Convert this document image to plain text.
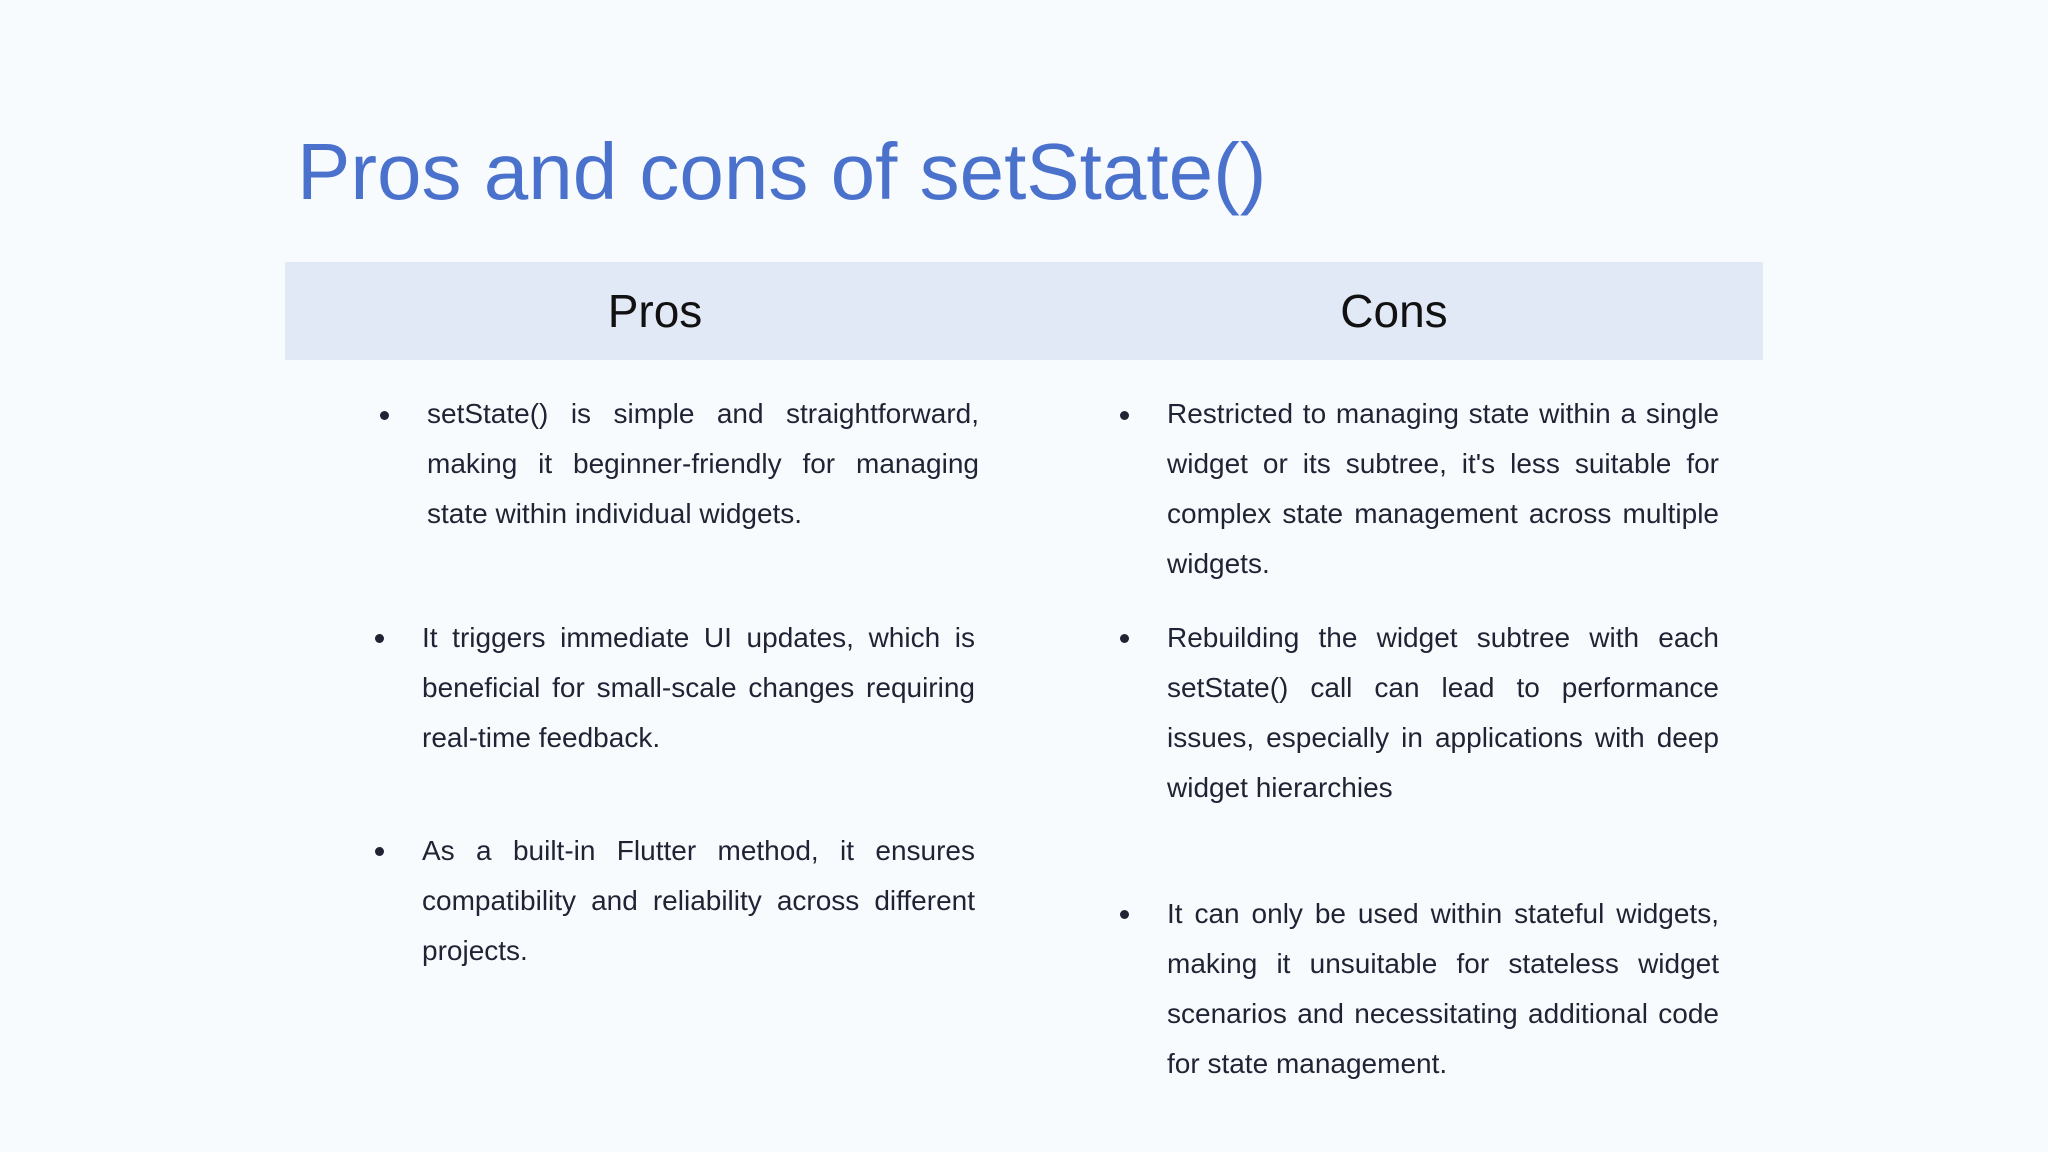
Pros and cons of setState()
Pros	Cons
setState() is simple and straightforward, making it beginner-friendly for managing state within individual widgets.
It triggers immediate UI updates, which is beneficial for small-scale changes requiring real-time feedback.
As a built-in Flutter method, it ensures compatibility and reliability across different projects.
Restricted to managing state within a single widget or its subtree, it's less suitable for complex state management across multiple widgets.
Rebuilding the widget subtree with each setState() call can lead to performance issues, especially in applications with deep widget hierarchies
It can only be used within stateful widgets, making it unsuitable for stateless widget scenarios and necessitating additional code for state management.
